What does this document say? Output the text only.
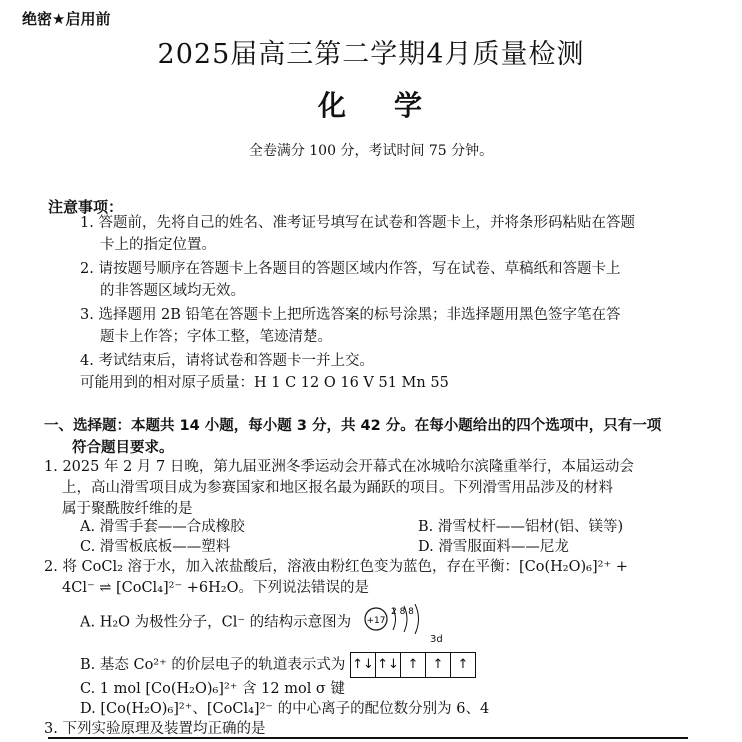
绝密★启用前
2025届高三第二学期4月质量检测
化 学
全卷满分 100 分，考试时间 75 分钟。
注意事项：
1. 答题前，先将自己的姓名、准考证号填写在试卷和答题卡上，并将条形码粘贴在答题
卡上的指定位置。
2. 请按题号顺序在答题卡上各题目的答题区域内作答，写在试卷、草稿纸和答题卡上
的非答题区域均无效。
3. 选择题用 2B 铅笔在答题卡上把所选答案的标号涂黑；非选择题用黑色签字笔在答
题卡上作答；字体工整，笔迹清楚。
4. 考试结束后，请将试卷和答题卡一并上交。
可能用到的相对原子质量：H 1 C 12 O 16 V 51 Mn 55
一、选择题：本题共 14 小题，每小题 3 分，共 42 分。在每小题给出的四个选项中，只有一项
符合题目要求。
1. 2025 年 2 月 7 日晚，第九届亚洲冬季运动会开幕式在冰城哈尔滨隆重举行，本届运动会
上，高山滑雪项目成为参赛国家和地区报名最为踊跃的项目。下列滑雪用品涉及的材料
属于聚酰胺纤维的是
A. 滑雪手套——合成橡胶	B. 滑雪杖杆——铝材(铝、镁等)
C. 滑雪板底板——塑料	D. 滑雪服面料——尼龙
2. 将 CoCl₂ 溶于水，加入浓盐酸后，溶液由粉红色变为蓝色，存在平衡：[Co(H₂O)₆]²⁺ +
4Cl⁻ ⇌ [CoCl₄]²⁻ +6H₂O。下列说法错误的是
A. H₂O 为极性分子，Cl⁻ 的结构示意图为 +17
2 8 8
3d
B. 基态 Co²⁺ 的价层电子的轨道表示式为 ↑↓ ↑↓ ↑	↑	↑
C. 1 mol [Co(H₂O)₆]²⁺ 含 12 mol σ 键
D. [Co(H₂O)₆]²⁺、[CoCl₄]²⁻ 的中心离子的配位数分别为 6、4
3. 下列实验原理及装置均正确的是
